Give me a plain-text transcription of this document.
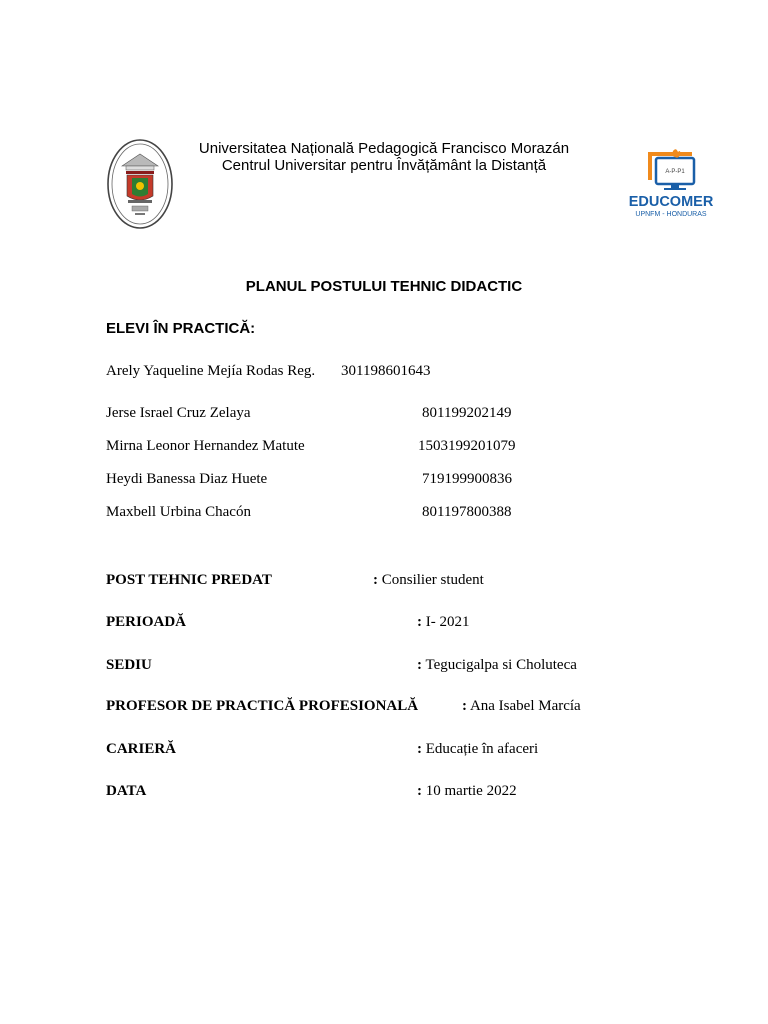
Universitatea Națională Pedagogică Francisco Morazán
Centrul Universitar pentru Învățământ la Distanță	A-P-P1
EDUCOMER
UPNFM - HONDURAS
PLANUL POSTULUI TEHNIC DIDACTIC
ELEVI ÎN PRACTICĂ:
Arely Yaqueline Mejía Rodas Reg. 301198601643
Jerse Israel Cruz Zelaya	801199202149
Mirna Leonor Hernandez Matute	1503199201079
Heydi Banessa Diaz Huete	719199900836
Maxbell Urbina Chacón	801197800388
POST TEHNIC PREDAT	: Consilier student
PERIOADĂ	: I- 2021
SEDIU	: Tegucigalpa si Choluteca
PROFESOR DE PRACTICĂ PROFESIONALĂ	: Ana Isabel Marcía
CARIERĂ	: Educație în afaceri
DATA	: 10 martie 2022
